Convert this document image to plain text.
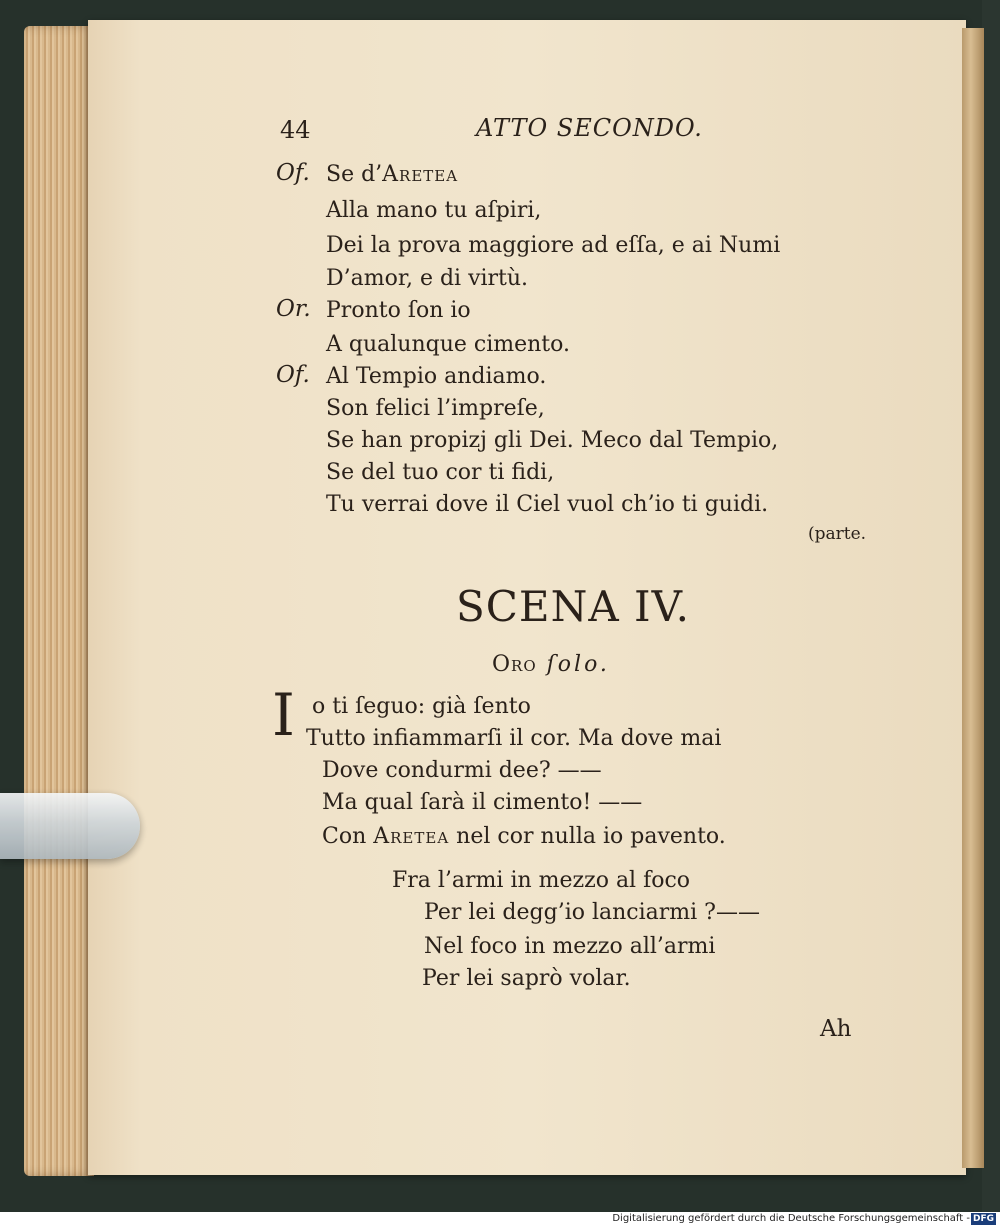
44	ATTO SECONDO.
Of. Se d’Aretea
Alla mano tu aſpiri,
Dei la prova maggiore ad eſſa, e ai Numi
D’amor, e di virtù.
Or. Pronto ſon io
A qualunque cimento.
Of. Al Tempio andiamo.
Son felici l’impreſe,
Se han propizj gli Dei. Meco dal Tempio,
Se del tuo cor ti fidi,
Tu verrai dove il Ciel vuol ch’io ti guidi.
(parte.
SCENA IV.
Oro ſolo.
I o ti ſeguo: già ſento
Tutto infiammarſi il cor. Ma dove mai
Dove condurmi dee? ——
Ma qual ſarà il cimento! ——
Con Aretea nel cor nulla io pavento.
Fra l’armi in mezzo al foco
Per lei degg’io lanciarmi ?——
Nel foco in mezzo all’armi
Per lei saprò volar.
Ah
Digitalisierung gefördert durch die Deutsche Forschungsgemeinschaft - DFG
